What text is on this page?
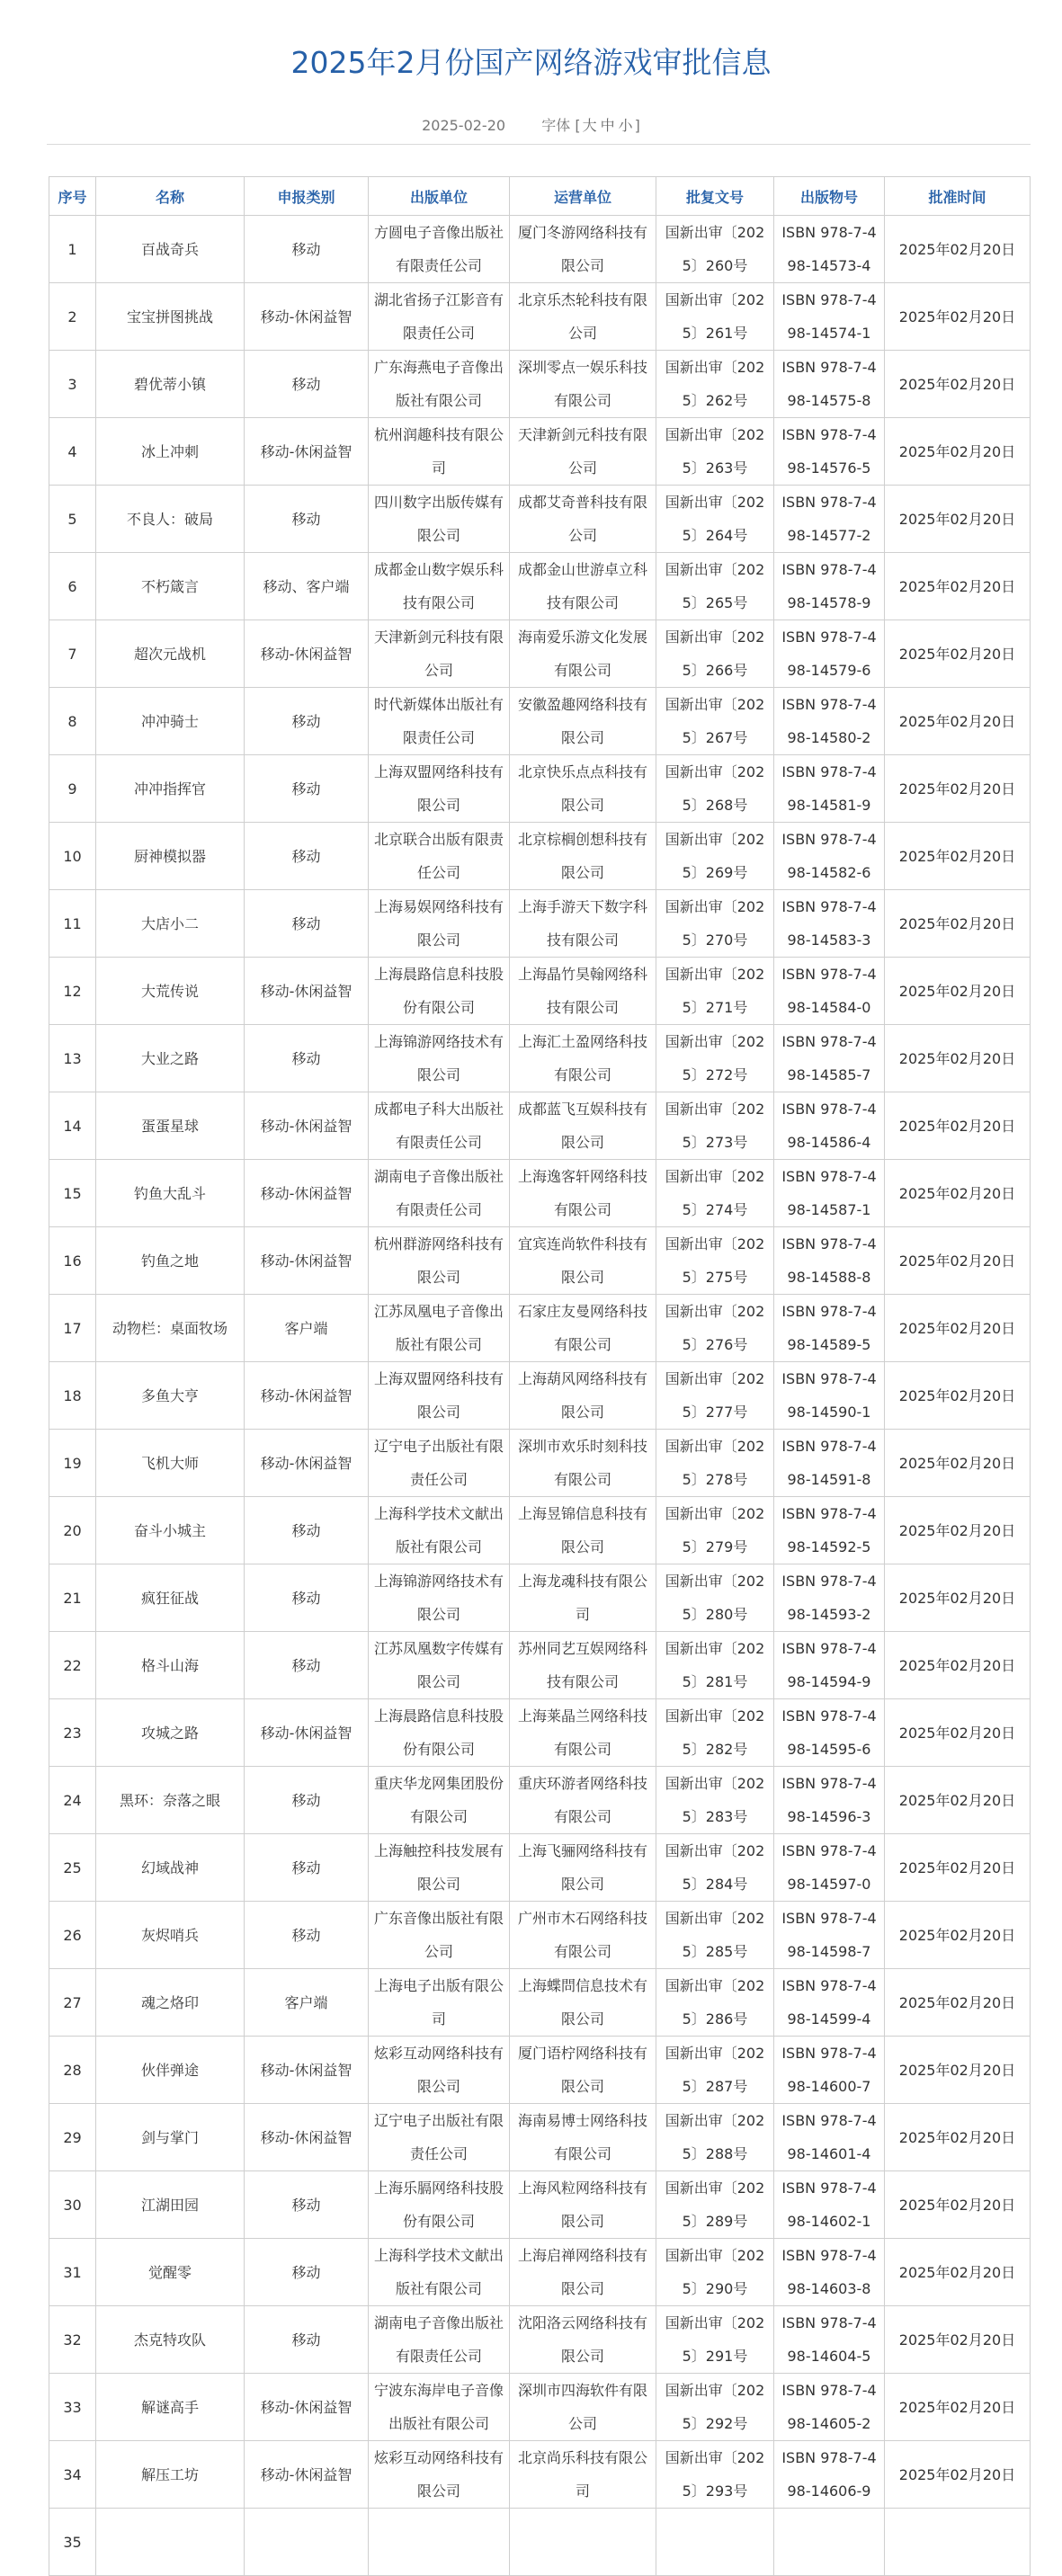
2025年2月份国产网络游戏审批信息
2025-02-20	字体 [ 大 中 小 ]
序号	名称	申报类别	出版单位	运营单位	批复文号	出版物号	批准时间
1	百战奇兵	移动	方圆电子音像出版社有限责任公司	厦门冬游网络科技有限公司	国新出审〔2025〕260号	ISBN 978-7-498-14573-4	2025年02月20日
2	宝宝拼图挑战	移动-休闲益智	湖北省扬子江影音有限责任公司	北京乐杰轮科技有限公司	国新出审〔2025〕261号	ISBN 978-7-498-14574-1	2025年02月20日
3	碧优蒂小镇	移动	广东海燕电子音像出版社有限公司	深圳零点一娱乐科技有限公司	国新出审〔2025〕262号	ISBN 978-7-498-14575-8	2025年02月20日
4	冰上冲刺	移动-休闲益智	杭州润趣科技有限公司	天津新剑元科技有限公司	国新出审〔2025〕263号	ISBN 978-7-498-14576-5	2025年02月20日
5	不良人：破局	移动	四川数字出版传媒有限公司	成都艾奇普科技有限公司	国新出审〔2025〕264号	ISBN 978-7-498-14577-2	2025年02月20日
6	不朽箴言	移动、客户端	成都金山数字娱乐科技有限公司	成都金山世游卓立科技有限公司	国新出审〔2025〕265号	ISBN 978-7-498-14578-9	2025年02月20日
7	超次元战机	移动-休闲益智	天津新剑元科技有限公司	海南爱乐游文化发展有限公司	国新出审〔2025〕266号	ISBN 978-7-498-14579-6	2025年02月20日
8	冲冲骑士	移动	时代新媒体出版社有限责任公司	安徽盈趣网络科技有限公司	国新出审〔2025〕267号	ISBN 978-7-498-14580-2	2025年02月20日
9	冲冲指挥官	移动	上海双盟网络科技有限公司	北京快乐点点科技有限公司	国新出审〔2025〕268号	ISBN 978-7-498-14581-9	2025年02月20日
10	厨神模拟器	移动	北京联合出版有限责任公司	北京棕榈创想科技有限公司	国新出审〔2025〕269号	ISBN 978-7-498-14582-6	2025年02月20日
11	大店小二	移动	上海易娱网络科技有限公司	上海手游天下数字科技有限公司	国新出审〔2025〕270号	ISBN 978-7-498-14583-3	2025年02月20日
12	大荒传说	移动-休闲益智	上海晨路信息科技股份有限公司	上海晶竹昊翰网络科技有限公司	国新出审〔2025〕271号	ISBN 978-7-498-14584-0	2025年02月20日
13	大业之路	移动	上海锦游网络技术有限公司	上海汇土盈网络科技有限公司	国新出审〔2025〕272号	ISBN 978-7-498-14585-7	2025年02月20日
14	蛋蛋星球	移动-休闲益智	成都电子科大出版社有限责任公司	成都蓝飞互娱科技有限公司	国新出审〔2025〕273号	ISBN 978-7-498-14586-4	2025年02月20日
15	钓鱼大乱斗	移动-休闲益智	湖南电子音像出版社有限责任公司	上海逸客轩网络科技有限公司	国新出审〔2025〕274号	ISBN 978-7-498-14587-1	2025年02月20日
16	钓鱼之地	移动-休闲益智	杭州群游网络科技有限公司	宜宾连尚软件科技有限公司	国新出审〔2025〕275号	ISBN 978-7-498-14588-8	2025年02月20日
17	动物栏：桌面牧场	客户端	江苏凤凰电子音像出版社有限公司	石家庄友曼网络科技有限公司	国新出审〔2025〕276号	ISBN 978-7-498-14589-5	2025年02月20日
18	多鱼大亨	移动-休闲益智	上海双盟网络科技有限公司	上海葫风网络科技有限公司	国新出审〔2025〕277号	ISBN 978-7-498-14590-1	2025年02月20日
19	飞机大师	移动-休闲益智	辽宁电子出版社有限责任公司	深圳市欢乐时刻科技有限公司	国新出审〔2025〕278号	ISBN 978-7-498-14591-8	2025年02月20日
20	奋斗小城主	移动	上海科学技术文献出版社有限公司	上海昱锦信息科技有限公司	国新出审〔2025〕279号	ISBN 978-7-498-14592-5	2025年02月20日
21	疯狂征战	移动	上海锦游网络技术有限公司	上海龙魂科技有限公司	国新出审〔2025〕280号	ISBN 978-7-498-14593-2	2025年02月20日
22	格斗山海	移动	江苏凤凰数字传媒有限公司	苏州同艺互娱网络科技有限公司	国新出审〔2025〕281号	ISBN 978-7-498-14594-9	2025年02月20日
23	攻城之路	移动-休闲益智	上海晨路信息科技股份有限公司	上海莱晶兰网络科技有限公司	国新出审〔2025〕282号	ISBN 978-7-498-14595-6	2025年02月20日
24	黑环：奈落之眼	移动	重庆华龙网集团股份有限公司	重庆环游者网络科技有限公司	国新出审〔2025〕283号	ISBN 978-7-498-14596-3	2025年02月20日
25	幻域战神	移动	上海触控科技发展有限公司	上海飞骊网络科技有限公司	国新出审〔2025〕284号	ISBN 978-7-498-14597-0	2025年02月20日
26	灰烬哨兵	移动	广东音像出版社有限公司	广州市木石网络科技有限公司	国新出审〔2025〕285号	ISBN 978-7-498-14598-7	2025年02月20日
27	魂之烙印	客户端	上海电子出版有限公司	上海蝶問信息技术有限公司	国新出审〔2025〕286号	ISBN 978-7-498-14599-4	2025年02月20日
28	伙伴弹途	移动-休闲益智	炫彩互动网络科技有限公司	厦门语柠网络科技有限公司	国新出审〔2025〕287号	ISBN 978-7-498-14600-7	2025年02月20日
29	剑与掌门	移动-休闲益智	辽宁电子出版社有限责任公司	海南易博士网络科技有限公司	国新出审〔2025〕288号	ISBN 978-7-498-14601-4	2025年02月20日
30	江湖田园	移动	上海乐膈网络科技股份有限公司	上海风粒网络科技有限公司	国新出审〔2025〕289号	ISBN 978-7-498-14602-1	2025年02月20日
31	觉醒零	移动	上海科学技术文献出版社有限公司	上海启禅网络科技有限公司	国新出审〔2025〕290号	ISBN 978-7-498-14603-8	2025年02月20日
32	杰克特攻队	移动	湖南电子音像出版社有限责任公司	沈阳洛云网络科技有限公司	国新出审〔2025〕291号	ISBN 978-7-498-14604-5	2025年02月20日
33	解谜高手	移动-休闲益智	宁波东海岸电子音像出版社有限公司	深圳市四海软件有限公司	国新出审〔2025〕292号	ISBN 978-7-498-14605-2	2025年02月20日
34	解压工坊	移动-休闲益智	炫彩互动网络科技有限公司	北京尚乐科技有限公司	国新出审〔2025〕293号	ISBN 978-7-498-14606-9	2025年02月20日
35							
